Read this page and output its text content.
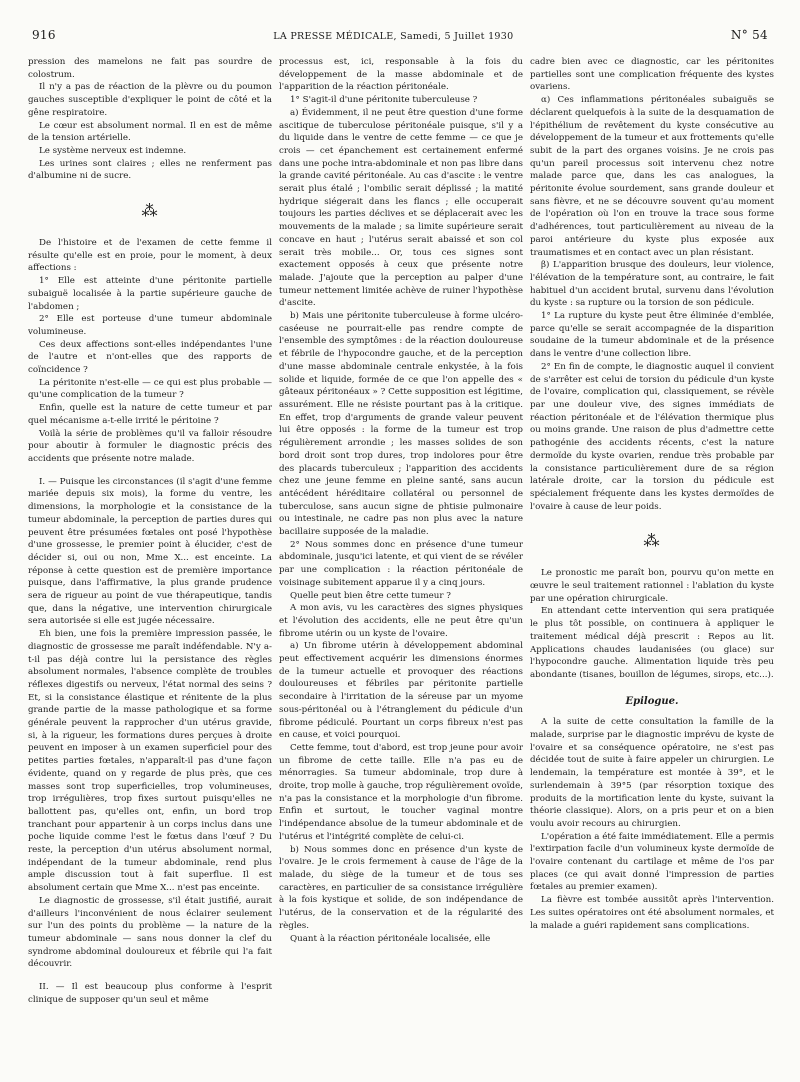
916	LA PRESSE MÉDICALE, Samedi, 5 Juillet 1930	N° 54

pression des mamelons ne fait pas sourdre de colostrum.

Il n'y a pas de réaction de la plèvre ou du poumon gauches susceptible d'expliquer le point de côté et la gêne respiratoire.

Le cœur est absolument normal. Il en est de même de la tension artérielle.

Le système nerveux est indemne.

Les urines sont claires ; elles ne renferment pas d'albumine ni de sucre.

⁂

De l'histoire et de l'examen de cette femme il résulte qu'elle est en proie, pour le moment, à deux affections :

1° Elle est atteinte d'une péritonite partielle subaiguë localisée à la partie supérieure gauche de l'abdomen ;

2° Elle est porteuse d'une tumeur abdominale volumineuse.

Ces deux affections sont-elles indépendantes l'une de l'autre et n'ont-elles que des rapports de coïncidence ?

La péritonite n'est-elle — ce qui est plus probable — qu'une complication de la tumeur ?

Enfin, quelle est la nature de cette tumeur et par quel mécanisme a-t-elle irrité le péritoine ?

Voilà la série de problèmes qu'il va falloir résoudre pour aboutir à formuler le diagnostic précis des accidents que présente notre malade.

I. — Puisque les circonstances (il s'agit d'une femme mariée depuis six mois), la forme du ventre, les dimensions, la morphologie et la consistance de la tumeur abdominale, la perception de parties dures qui peuvent être présumées fœtales ont posé l'hypothèse d'une grossesse, le premier point à élucider, c'est de décider si, oui ou non, Mme X... est enceinte. La réponse à cette question est de première importance puisque, dans l'affirmative, la plus grande prudence sera de rigueur au point de vue thérapeutique, tandis que, dans la négative, une intervention chirurgicale sera autorisée si elle est jugée nécessaire.

Eh bien, une fois la première impression passée, le diagnostic de grossesse me paraît indéfendable. N'y a-t-il pas déjà contre lui la persistance des règles absolument normales, l'absence complète de troubles réflexes digestifs ou nerveux, l'état normal des seins ? Et, si la consistance élastique et rénitente de la plus grande partie de la masse pathologique et sa forme générale peuvent la rapprocher d'un utérus gravide, si, à la rigueur, les formations dures perçues à droite peuvent en imposer à un examen superficiel pour des petites parties fœtales, n'apparaît-il pas d'une façon évidente, quand on y regarde de plus près, que ces masses sont trop superficielles, trop volumineuses, trop irrégulières, trop fixes surtout puisqu'elles ne ballottent pas, qu'elles ont, enfin, un bord trop tranchant pour appartenir à un corps inclus dans une poche liquide comme l'est le fœtus dans l'œuf ? Du reste, la perception d'un utérus absolument normal, indépendant de la tumeur abdominale, rend plus ample discussion tout à fait superflue. Il est absolument certain que Mme X... n'est pas enceinte.

Le diagnostic de grossesse, s'il était justifié, aurait d'ailleurs l'inconvénient de nous éclairer seulement sur l'un des points du problème — la nature de la tumeur abdominale — sans nous donner la clef du syndrome abdominal douloureux et fébrile qui l'a fait découvrir.

II. — Il est beaucoup plus conforme à l'esprit clinique de supposer qu'un seul et même

processus est, ici, responsable à la fois du développement de la masse abdominale et de l'apparition de la réaction péritonéale.

1° S'agit-il d'une péritonite tuberculeuse ?

a) Évidemment, il ne peut être question d'une forme ascitique de tuberculose péritonéale puisque, s'il y a du liquide dans le ventre de cette femme — ce que je crois — cet épanchement est certainement enfermé dans une poche intra-abdominale et non pas libre dans la grande cavité péritonéale. Au cas d'ascite : le ventre serait plus étalé ; l'ombilic serait déplissé ; la matité hydrique siégerait dans les flancs ; elle occuperait toujours les parties déclives et se déplacerait avec les mouvements de la malade ; sa limite supérieure serait concave en haut ; l'utérus serait abaissé et son col serait très mobile... Or, tous ces signes sont exactement opposés à ceux que présente notre malade. J'ajoute que la perception au palper d'une tumeur nettement limitée achève de ruiner l'hypothèse d'ascite.

b) Mais une péritonite tuberculeuse à forme ulcéro-caséeuse ne pourrait-elle pas rendre compte de l'ensemble des symptômes : de la réaction douloureuse et fébrile de l'hypocondre gauche, et de la perception d'une masse abdominale centrale enkystée, à la fois solide et liquide, formée de ce que l'on appelle des « gâteaux péritonéaux » ? Cette supposition est légitime, assurément. Elle ne résiste pourtant pas à la critique. En effet, trop d'arguments de grande valeur peuvent lui être opposés : la forme de la tumeur est trop régulièrement arrondie ; les masses solides de son bord droit sont trop dures, trop indolores pour être des placards tuberculeux ; l'apparition des accidents chez une jeune femme en pleine santé, sans aucun antécédent héréditaire collatéral ou personnel de tuberculose, sans aucun signe de phtisie pulmonaire ou intestinale, ne cadre pas non plus avec la nature bacillaire supposée de la maladie.

2° Nous sommes donc en présence d'une tumeur abdominale, jusqu'ici latente, et qui vient de se révéler par une complication : la réaction péritonéale de voisinage subitement apparue il y a cinq jours.

Quelle peut bien être cette tumeur ?

A mon avis, vu les caractères des signes physiques et l'évolution des accidents, elle ne peut être qu'un fibrome utérin ou un kyste de l'ovaire.

a) Un fibrome utérin à développement abdominal peut effectivement acquérir les dimensions énormes de la tumeur actuelle et provoquer des réactions douloureuses et fébriles par péritonite partielle secondaire à l'irritation de la séreuse par un myome sous-péritonéal ou à l'étranglement du pédicule d'un fibrome pédiculé. Pourtant un corps fibreux n'est pas en cause, et voici pourquoi.

Cette femme, tout d'abord, est trop jeune pour avoir un fibrome de cette taille. Elle n'a pas eu de ménorragies. Sa tumeur abdominale, trop dure à droite, trop molle à gauche, trop régulièrement ovoïde, n'a pas la consistance et la morphologie d'un fibrome. Enfin et surtout, le toucher vaginal montre l'indépendance absolue de la tumeur abdominale et de l'utérus et l'intégrité complète de celui-ci.

b) Nous sommes donc en présence d'un kyste de l'ovaire. Je le crois fermement à cause de l'âge de la malade, du siège de la tumeur et de tous ses caractères, en particulier de sa consistance irrégulière à la fois kystique et solide, de son indépendance de l'utérus, de la conservation et de la régularité des règles.

Quant à la réaction péritonéale localisée, elle

cadre bien avec ce diagnostic, car les péritonites partielles sont une complication fréquente des kystes ovariens.

α) Ces inflammations péritonéales subaiguës se déclarent quelquefois à la suite de la desquamation de l'épithélium de revêtement du kyste consécutive au développement de la tumeur et aux frottements qu'elle subit de la part des organes voisins. Je ne crois pas qu'un pareil processus soit intervenu chez notre malade parce que, dans les cas analogues, la péritonite évolue sourdement, sans grande douleur et sans fièvre, et ne se découvre souvent qu'au moment de l'opération où l'on en trouve la trace sous forme d'adhérences, tout particulièrement au niveau de la paroi antérieure du kyste plus exposée aux traumatismes et en contact avec un plan résistant.

β) L'apparition brusque des douleurs, leur violence, l'élévation de la température sont, au contraire, le fait habituel d'un accident brutal, survenu dans l'évolution du kyste : sa rupture ou la torsion de son pédicule.

1° La rupture du kyste peut être éliminée d'emblée, parce qu'elle se serait accompagnée de la disparition soudaine de la tumeur abdominale et de la présence dans le ventre d'une collection libre.

2° En fin de compte, le diagnostic auquel il convient de s'arrêter est celui de torsion du pédicule d'un kyste de l'ovaire, complication qui, classiquement, se révèle par une douleur vive, des signes immédiats de réaction péritonéale et de l'élévation thermique plus ou moins grande. Une raison de plus d'admettre cette pathogénie des accidents récents, c'est la nature dermoïde du kyste ovarien, rendue très probable par la consistance particulièrement dure de sa région latérale droite, car la torsion du pédicule est spécialement fréquente dans les kystes dermoïdes de l'ovaire à cause de leur poids.

⁂

Le pronostic me paraît bon, pourvu qu'on mette en œuvre le seul traitement rationnel : l'ablation du kyste par une opération chirurgicale.

En attendant cette intervention qui sera pratiquée le plus tôt possible, on continuera à appliquer le traitement médical déjà prescrit : Repos au lit. Applications chaudes laudanisées (ou glace) sur l'hypocondre gauche. Alimentation liquide très peu abondante (tisanes, bouillon de légumes, sirops, etc...).

Epilogue.

A la suite de cette consultation la famille de la malade, surprise par le diagnostic imprévu de kyste de l'ovaire et sa conséquence opératoire, ne s'est pas décidée tout de suite à faire appeler un chirurgien. Le lendemain, la température est montée à 39°, et le surlendemain à 39°5 (par résorption toxique des produits de la mortification lente du kyste, suivant la théorie classique). Alors, on a pris peur et on a bien voulu avoir recours au chirurgien.

L'opération a été faite immédiatement. Elle a permis l'extirpation facile d'un volumineux kyste dermoïde de l'ovaire contenant du cartilage et même de l'os par places (ce qui avait donné l'impression de parties fœtales au premier examen).

La fièvre est tombée aussitôt après l'intervention. Les suites opératoires ont été absolument normales, et la malade a guéri rapidement sans complications.
